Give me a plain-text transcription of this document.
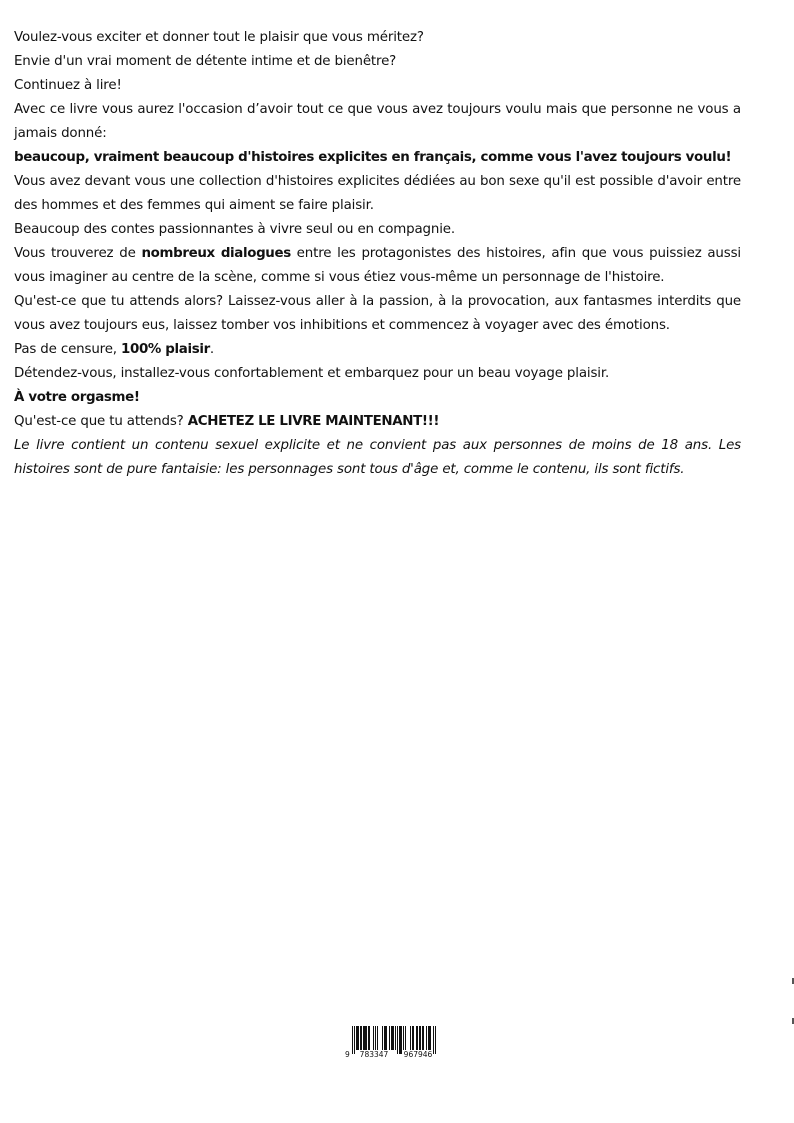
Voulez-vous exciter et donner tout le plaisir que vous méritez?

Envie d'un vrai moment de détente intime et de bienêtre?

Continuez à lire!

Avec ce livre vous aurez l'occasion d’avoir tout ce que vous avez toujours voulu mais que personne ne vous a jamais donné:

beaucoup, vraiment beaucoup d'histoires explicites en français, comme vous l'avez toujours voulu!

Vous avez devant vous une collection d'histoires explicites dédiées au bon sexe qu'il est possible d'avoir entre des hommes et des femmes qui aiment se faire plaisir.

Beaucoup des contes passionnantes à vivre seul ou en compagnie.

Vous trouverez de nombreux dialogues entre les protagonistes des histoires, afin que vous puissiez aussi vous imaginer au centre de la scène, comme si vous étiez vous-même un personnage de l'histoire.

Qu'est-ce que tu attends alors? Laissez-vous aller à la passion, à la provocation, aux fantasmes interdits que vous avez toujours eus, laissez tomber vos inhibitions et commencez à voyager avec des émotions.

Pas de censure, 100% plaisir.

Détendez-vous, installez-vous confortablement et embarquez pour un beau voyage plaisir.

À votre orgasme!

Qu'est-ce que tu attends? ACHETEZ LE LIVRE MAINTENANT!!!

Le livre contient un contenu sexuel explicite et ne convient pas aux personnes de moins de 18 ans. Les histoires sont de pure fantaisie: les personnages sont tous d'âge et, comme le contenu, ils sont fictifs.

9 783347 967946
